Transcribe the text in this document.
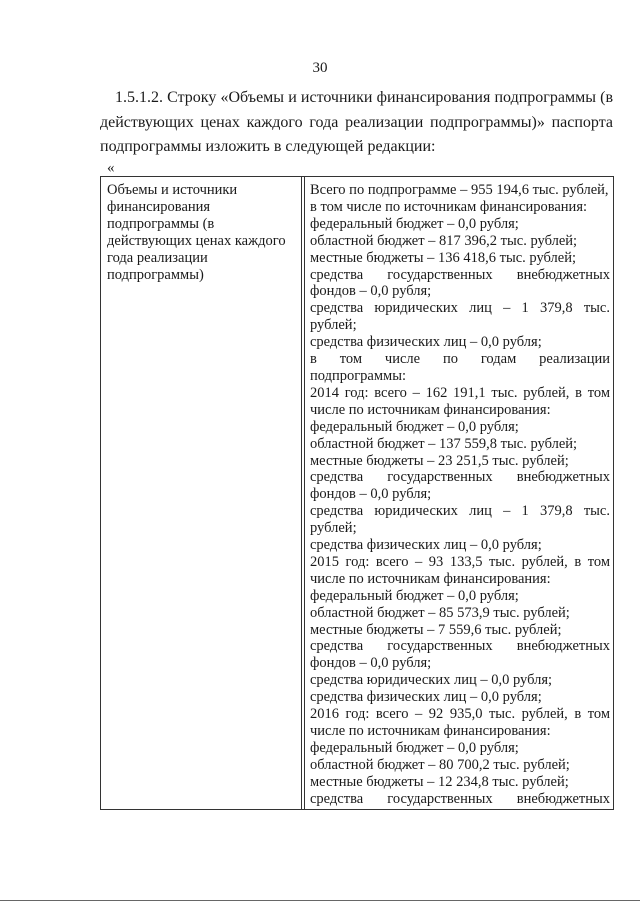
30
1.5.1.2. Строку «Объемы и источники финансирования подпрограммы (в
действующих ценах каждого года реализации подпрограммы)» паспорта
подпрограммы изложить в следующей редакции:
«
Объемы и источники
финансирования
подпрограммы (в
действующих ценах каждого
года реализации
подпрограммы)
Всего по подпрограмме – 955 194,6 тыс. рублей,
в том числе по источникам финансирования:
федеральный бюджет – 0,0 рубля;
областной бюджет – 817 396,2 тыс. рублей;
местные бюджеты – 136 418,6 тыс. рублей;
средства государственных внебюджетных
фондов – 0,0 рубля;
средства юридических лиц – 1 379,8 тыс.
рублей;
средства физических лиц – 0,0 рубля;
в том числе по годам реализации
подпрограммы:
2014 год: всего – 162 191,1 тыс. рублей, в том
числе по источникам финансирования:
федеральный бюджет – 0,0 рубля;
областной бюджет – 137 559,8 тыс. рублей;
местные бюджеты – 23 251,5 тыс. рублей;
средства государственных внебюджетных
фондов – 0,0 рубля;
средства юридических лиц – 1 379,8 тыс.
рублей;
средства физических лиц – 0,0 рубля;
2015 год: всего – 93 133,5 тыс. рублей, в том
числе по источникам финансирования:
федеральный бюджет – 0,0 рубля;
областной бюджет – 85 573,9 тыс. рублей;
местные бюджеты – 7 559,6 тыс. рублей;
средства государственных внебюджетных
фондов – 0,0 рубля;
средства юридических лиц – 0,0 рубля;
средства физических лиц – 0,0 рубля;
2016 год: всего – 92 935,0 тыс. рублей, в том
числе по источникам финансирования:
федеральный бюджет – 0,0 рубля;
областной бюджет – 80 700,2 тыс. рублей;
местные бюджеты – 12 234,8 тыс. рублей;
средства государственных внебюджетных
